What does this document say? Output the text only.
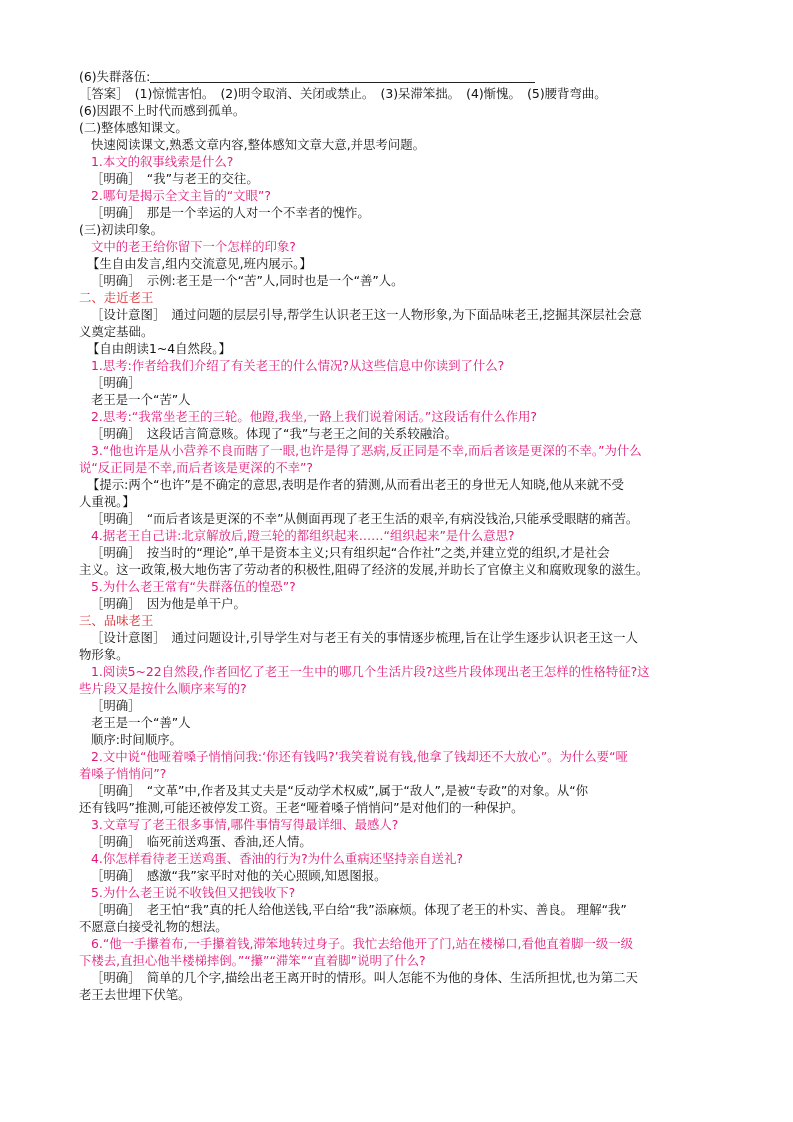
(6)失群落伍:
［答案］　(1)惊慌害怕。　(2)明令取消、关闭或禁止。　(3)呆滞笨拙。　(4)惭愧。　(5)腰背弯曲。
(6)因跟不上时代而感到孤单。
(二)整体感知课文。
快速阅读课文,熟悉文章内容,整体感知文章大意,并思考问题。
1.本文的叙事线索是什么?
［明确］　“我”与老王的交往。
2.哪句是揭示全文主旨的“文眼”?
［明确］　那是一个幸运的人对一个不幸者的愧怍。
(三)初读印象。
文中的老王给你留下一个怎样的印象?
【生自由发言,组内交流意见,班内展示。】
［明确］　示例:老王是一个“苦”人,同时也是一个“善”人。
二、走近老王
［设计意图］　通过问题的层层引导,帮学生认识老王这一人物形象,为下面品味老王,挖掘其深层社会意
义奠定基础。
【自由朗读1~4自然段。】
1.思考:作者给我们介绍了有关老王的什么情况?从这些信息中你读到了什么?
［明确］
老王是一个“苦”人
2.思考:“我常坐老王的三轮。他蹬,我坐,一路上我们说着闲话。”这段话有什么作用?
［明确］　这段话言简意赅。体现了“我”与老王之间的关系较融洽。
3.“他也许是从小营养不良而瞎了一眼,也许是得了恶病,反正同是不幸,而后者该是更深的不幸。”为什么
说“反正同是不幸,而后者该是更深的不幸”?
【提示:两个“也许”是不确定的意思,表明是作者的猜测,从而看出老王的身世无人知晓,他从来就不受
人重视。】
［明确］　“而后者该是更深的不幸”从侧面再现了老王生活的艰辛,有病没钱治,只能承受眼瞎的痛苦。
4.据老王自己讲:北京解放后,蹬三轮的都组织起来……“组织起来”是什么意思?
［明确］　按当时的“理论”,单干是资本主义;只有组织起“合作社”之类,并建立党的组织,才是社会
主义。这一政策,极大地伤害了劳动者的积极性,阻碍了经济的发展,并助长了官僚主义和腐败现象的滋生。
5.为什么老王常有“失群落伍的惶恐”?
［明确］　因为他是单干户。
三、品味老王
［设计意图］　通过问题设计,引导学生对与老王有关的事情逐步梳理,旨在让学生逐步认识老王这一人
物形象。
1.阅读5~22自然段,作者回忆了老王一生中的哪几个生活片段?这些片段体现出老王怎样的性格特征?这
些片段又是按什么顺序来写的?
［明确］
老王是一个“善”人
顺序:时间顺序。
2.文中说“他哑着嗓子悄悄问我:‘你还有钱吗?’我笑着说有钱,他拿了钱却还不大放心”。为什么要“哑
着嗓子悄悄问”?
［明确］　“文革”中,作者及其丈夫是“反动学术权威”,属于“敌人”,是被“专政”的对象。从“你
还有钱吗”推测,可能还被停发工资。王老“哑着嗓子悄悄问”是对他们的一种保护。
3.文章写了老王很多事情,哪件事情写得最详细、最感人?
［明确］　临死前送鸡蛋、香油,还人情。
4.你怎样看待老王送鸡蛋、香油的行为?为什么重病还坚持亲自送礼?
［明确］　感激“我”家平时对他的关心照顾,知恩图报。
5.为什么老王说不收钱但又把钱收下?
［明确］　老王怕“我”真的托人给他送钱,平白给“我”添麻烦。体现了老王的朴实、善良。 理解“我”
不愿意白接受礼物的想法。
6.“他一手攥着布,一手攥着钱,滞笨地转过身子。我忙去给他开了门,站在楼梯口,看他直着脚一级一级
下楼去,直担心他半楼梯摔倒。”“攥”“滞笨”“直着脚”说明了什么?
［明确］　简单的几个字,描绘出老王离开时的情形。叫人怎能不为他的身体、生活所担忧,也为第二天
老王去世埋下伏笔。
